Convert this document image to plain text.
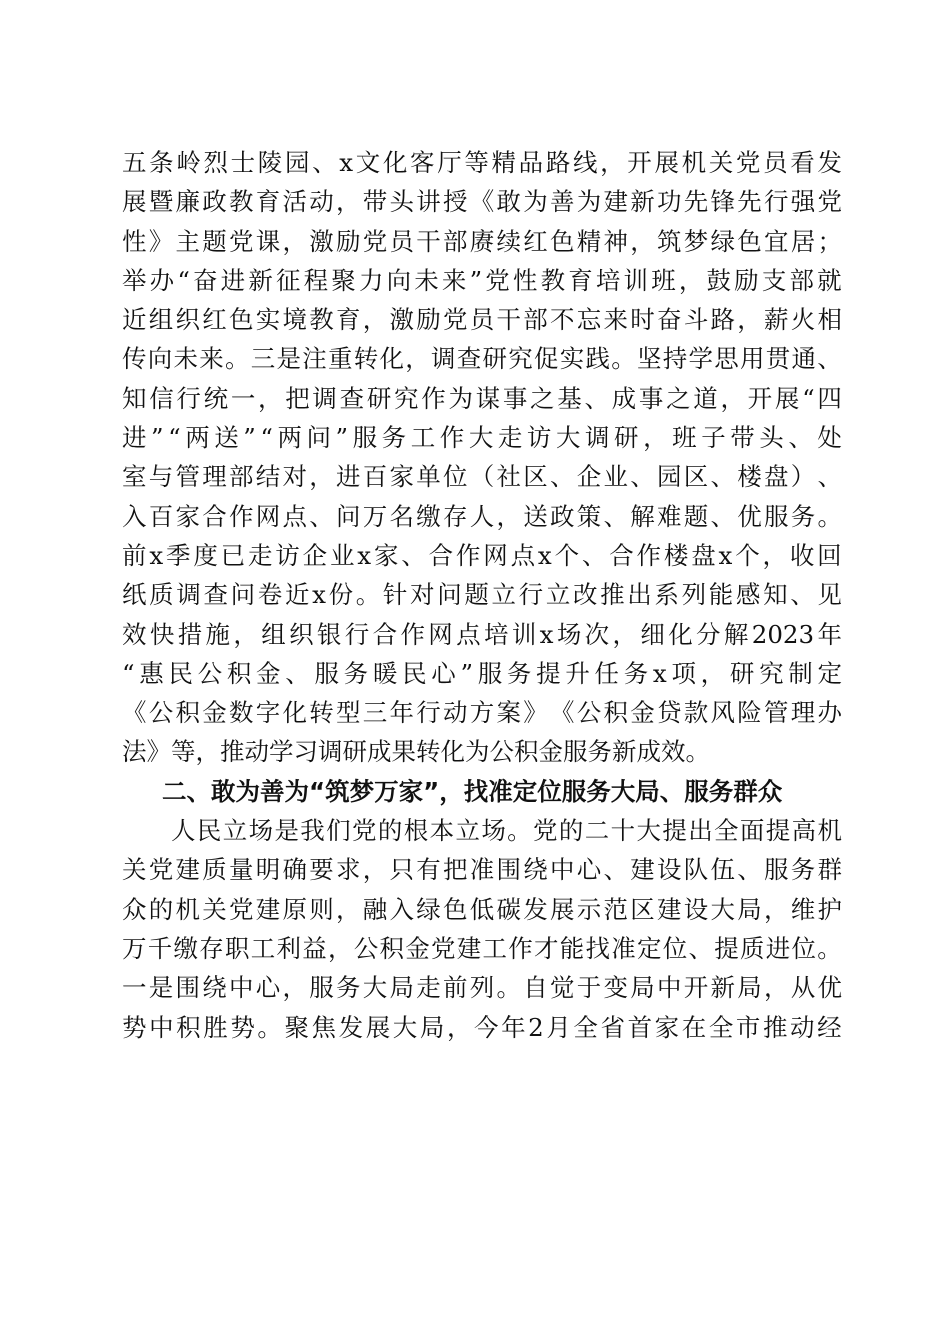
五 条 岭 烈 士 陵 园 、 x 文 化 客 厅 等 精 品 路 线 ， 开 展 机 关 党 员 看 发
展 暨 廉 政 教 育 活 动 ， 带 头 讲 授 《 敢 为 善 为 建 新 功 先 锋 先 行 强 党
性 》 主 题 党 课 ， 激 励 党 员 干 部 赓 续 红 色 精 神 ， 筑 梦 绿 色 宜 居 ；
举 办 “ 奋 进 新 征 程 聚 力 向 未 来 ” 党 性 教 育 培 训 班 ， 鼓 励 支 部 就
近 组 织 红 色 实 境 教 育 ， 激 励 党 员 干 部 不 忘 来 时 奋 斗 路 ， 薪 火 相
传 向 未 来 。 三 是 注 重 转 化 ， 调 查 研 究 促 实 践 。 坚 持 学 思 用 贯 通 、
知 信 行 统 一 ， 把 调 查 研 究 作 为 谋 事 之 基 、 成 事 之 道 ， 开 展 “ 四
进 ” “ 两 送 ” “ 两 问 ” 服 务 工 作 大 走 访 大 调 研 ， 班 子 带 头 、 处
室 与 管 理 部 结 对 ， 进 百 家 单 位 （ 社 区 、 企 业 、 园 区 、 楼 盘 ） 、
入 百 家 合 作 网 点 、 问 万 名 缴 存 人 ， 送 政 策 、 解 难 题 、 优 服 务 。
前 x 季 度 已 走 访 企 业 x 家 、 合 作 网 点 x 个 、 合 作 楼 盘 x 个 ， 收 回
纸 质 调 查 问 卷 近 x 份 。 针 对 问 题 立 行 立 改 推 出 系 列 能 感 知 、 见
效 快 措 施 ， 组 织 银 行 合 作 网 点 培 训 x 场 次 ， 细 化 分 解 2023 年
“ 惠 民 公 积 金 、 服 务 暖 民 心 ” 服 务 提 升 任 务 x 项 ， 研 究 制 定
《 公 积 金 数 字 化 转 型 三 年 行 动 方 案 》 《 公 积 金 贷 款 风 险 管 理 办
法》等，推动学习调研成果转化为公积金服务新成效。
二、敢为善为“筑梦万家”，找准定位服务大局、服务群众
人 民 立 场 是 我 们 党 的 根 本 立 场 。 党 的 二 十 大 提 出 全 面 提 高 机
关 党 建 质 量 明 确 要 求 ， 只 有 把 准 围 绕 中 心 、 建 设 队 伍 、 服 务 群
众 的 机 关 党 建 原 则 ， 融 入 绿 色 低 碳 发 展 示 范 区 建 设 大 局 ， 维 护
万 千 缴 存 职 工 利 益 ， 公 积 金 党 建 工 作 才 能 找 准 定 位 、 提 质 进 位 。
一 是 围 绕 中 心 ， 服 务 大 局 走 前 列 。 自 觉 于 变 局 中 开 新 局 ， 从 优
势 中 积 胜 势 。 聚 焦 发 展 大 局 ， 今 年 2 月 全 省 首 家 在 全 市 推 动 经
